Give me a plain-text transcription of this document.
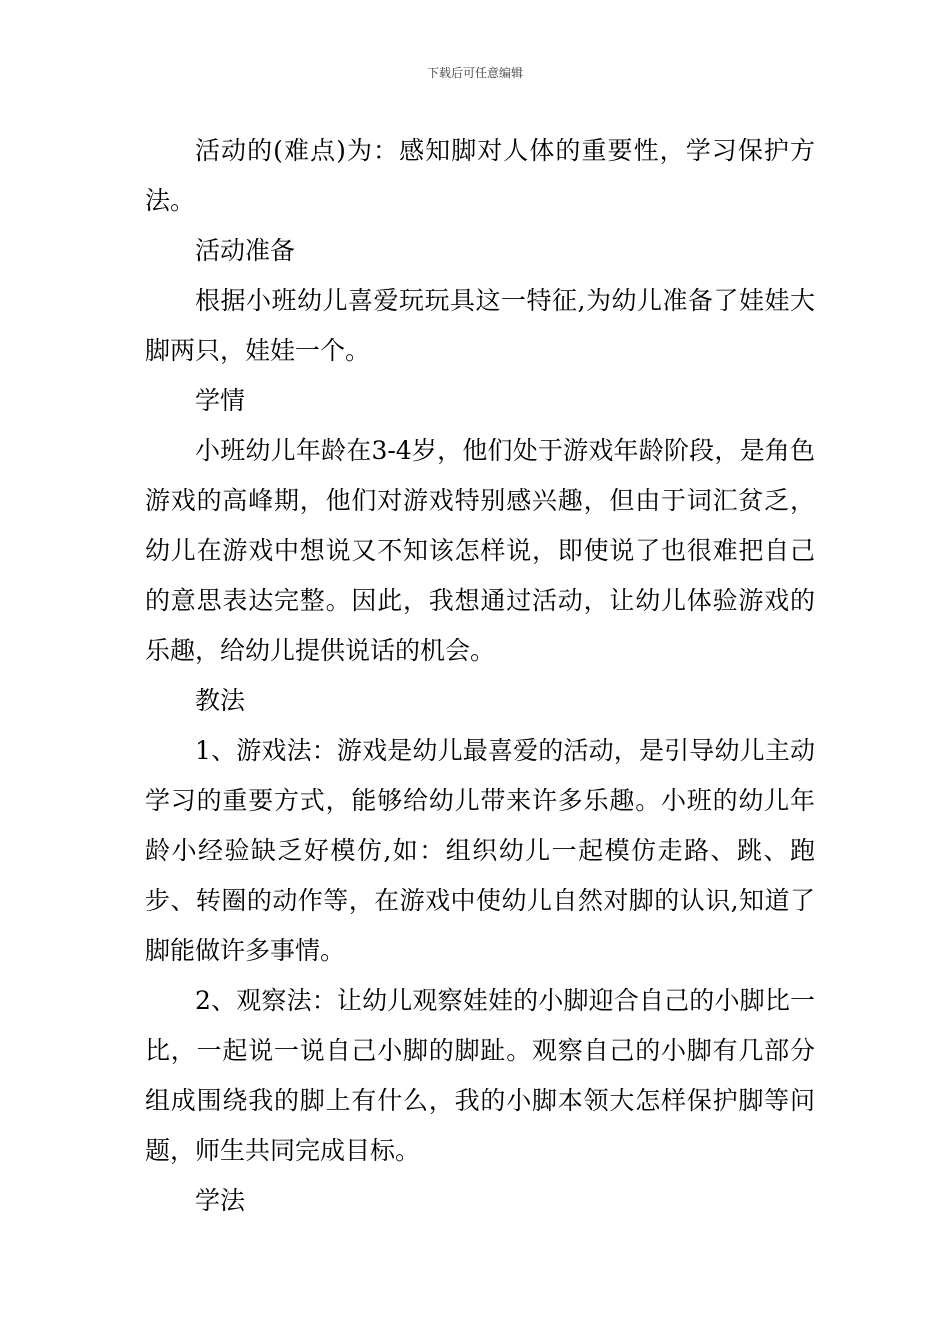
下载后可任意编辑

活动的(难点)为：感知脚对人体的重要性，学习保护方法。

活动准备

根据小班幼儿喜爱玩玩具这一特征,为幼儿准备了娃娃大脚两只，娃娃一个。

学情

小班幼儿年龄在3-4岁，他们处于游戏年龄阶段，是角色游戏的高峰期，他们对游戏特别感兴趣，但由于词汇贫乏，幼儿在游戏中想说又不知该怎样说，即使说了也很难把自己的意思表达完整。因此，我想通过活动，让幼儿体验游戏的乐趣，给幼儿提供说话的机会。

教法

1、游戏法：游戏是幼儿最喜爱的活动，是引导幼儿主动学习的重要方式，能够给幼儿带来许多乐趣。小班的幼儿年龄小经验缺乏好模仿,如：组织幼儿一起模仿走路、跳、跑步、转圈的动作等，在游戏中使幼儿自然对脚的认识,知道了脚能做许多事情。

2、观察法：让幼儿观察娃娃的小脚迎合自己的小脚比一比，一起说一说自己小脚的脚趾。观察自己的小脚有几部分组成围绕我的脚上有什么，我的小脚本领大怎样保护脚等问题，师生共同完成目标。

学法
